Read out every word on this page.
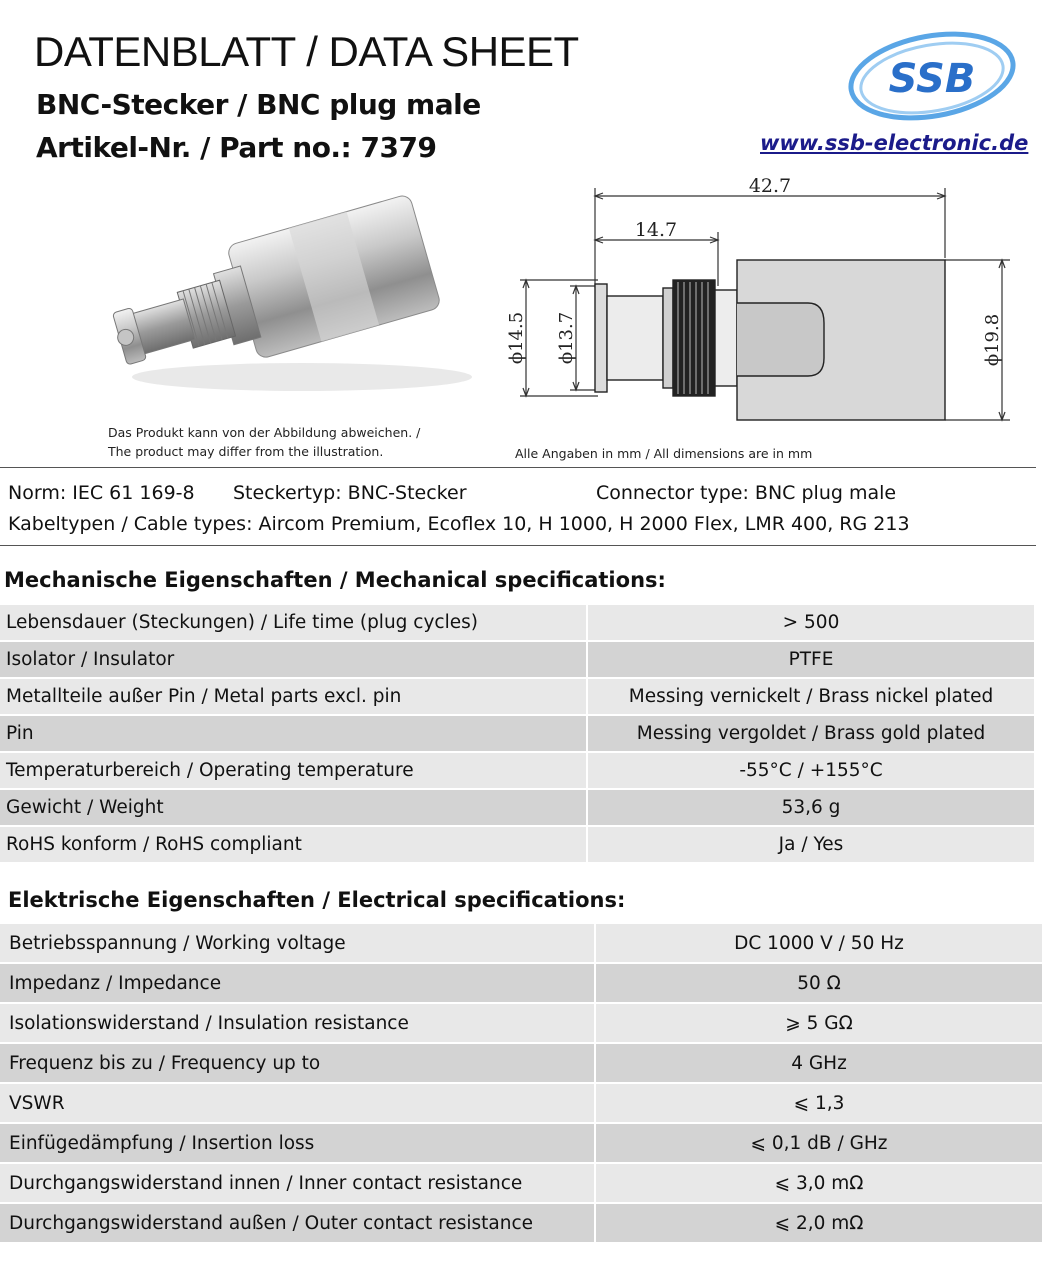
DATENBLATT / DATA SHEET
BNC-Stecker / BNC plug male
Artikel-Nr. / Part no.: 7379
SSB
www.ssb-electronic.de
Das Produkt kann von der Abbildung abweichen. /
The product may differ from the illustration.
42.7
14.7
ϕ14.5 ϕ13.7	ϕ19.8
Alle Angaben in mm / All dimensions are in mm
Norm: IEC 61 169-8 Steckertyp: BNC-Stecker	Connector type: BNC plug male
Kabeltypen / Cable types: Aircom Premium, Ecoflex 10, H 1000, H 2000 Flex, LMR 400, RG 213
Mechanische Eigenschaften / Mechanical specifications:
Lebensdauer (Steckungen) / Life time (plug cycles)	> 500
Isolator / Insulator	PTFE
Metallteile außer Pin / Metal parts excl. pin	Messing vernickelt / Brass nickel plated
Pin	Messing vergoldet / Brass gold plated
Temperaturbereich / Operating temperature	-55°C / +155°C
Gewicht / Weight	53,6 g
RoHS konform / RoHS compliant	Ja / Yes
Elektrische Eigenschaften / Electrical specifications:
Betriebsspannung / Working voltage	DC 1000 V / 50 Hz
Impedanz / Impedance	50 Ω
Isolationswiderstand / Insulation resistance	⩾ 5 GΩ
Frequenz bis zu / Frequency up to	4 GHz
VSWR	⩽ 1,3
Einfügedämpfung / Insertion loss	⩽ 0,1 dB / GHz
Durchgangswiderstand innen / Inner contact resistance	⩽ 3,0 mΩ
Durchgangswiderstand außen / Outer contact resistance	⩽ 2,0 mΩ
